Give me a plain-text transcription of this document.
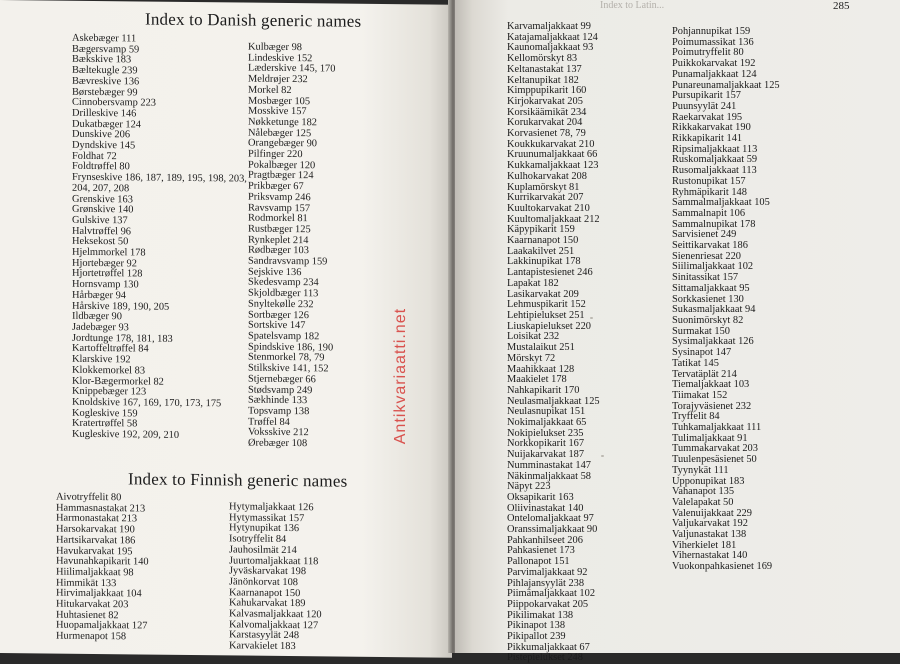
Index to Danish generic names
Askebæger 111
Bægersvamp 59
Bækskive 183
Bæltekugle 239
Bævreskive 136
Børstebæger 99
Cinnobersvamp 223
Drilleskive 146
Dukatbæger 124
Dunskive 206
Dyndskive 145
Foldhat 72
Foldtrøffel 80
Frynseskive 186, 187, 189, 195, 198, 203,
204, 207, 208
Grenskive 163
Grønskive 140
Gulskive 137
Halvtrøffel 96
Heksekost 50
Hjelmmorkel 178
Hjortebæger 92
Hjortetrøffel 128
Hornsvamp 130
Hårbæger 94
Hårskive 189, 190, 205
Ildbæger 90
Jadebæger 93
Jordtunge 178, 181, 183
Kartoffeltrøffel 84
Klarskive 192
Klokkemorkel 83
Klor-Bægermorkel 82
Knippebæger 123
Knoldskive 167, 169, 170, 173, 175
Kogleskive 159
Kratertrøffel 58
Kugleskive 192, 209, 210
Kulbæger 98
Lindeskive 152
Læderskive 145, 170
Meldrøjer 232
Morkel 82
Mosbæger 105
Mosskive 157
Nøkketunge 182
Nålebæger 125
Orangebæger 90
Pilfinger 220
Pokalbæger 120
Pragtbæger 124
Prikbæger 67
Priksvamp 246
Ravsvamp 157
Rodmorkel 81
Rustbæger 125
Rynkeplet 214
Rødbæger 103
Sandravsvamp 159
Sejskive 136
Skedesvamp 234
Skjoldbæger 113
Snyltekølle 232
Sortbæger 126
Sortskive 147
Spatelsvamp 182
Spindskive 186, 190
Stenmorkel 78, 79
Stilkskive 141, 152
Stjernebæger 66
Stødsvamp 249
Sækhinde 133
Topsvamp 138
Trøffel 84
Voksskive 212
Ørebæger 108
Index to Finnish generic names
Aivotryffelit 80
Hammasnastakat 213
Harmonastakat 213
Harsokarvakat 190
Hartsikarvakat 186
Havukarvakat 195
Havunahkapikarit 140
Hiilimaljakkaat 98
Himmikät 133
Hirvimaljakkaat 104
Hitukarvakat 203
Huhtasienet 82
Huopamaljakkaat 127
Hurmenapot 158
Hytymaljakkaat 126
Hytymassikat 157
Hytynupikat 136
Isotryffelit 84
Jauhosilmät 214
Juurtomaljakkaat 118
Jyväskarvakat 198
Jänönkorvat 108
Kaarnanapot 150
Kahukarvakat 189
Kalvasmaljakkaat 120
Kalvomaljakkaat 127
Karstasyylät 248
Karvakielet 183
Antikvariaatti.net
285
Index to Latin...
Karvamaljakkaat 99
Katajamaljakkaat 124
Kaunomaljakkaat 93
Kellomörskyt 83
Keltanastakat 137
Keltanupikat 182
Kimppupikarit 160
Kirjokarvakat 205
Korsikäämikät 234
Korukarvakat 204
Korvasienet 78, 79
Koukkukarvakat 210
Kruunumaljakkaat 66
Kukkamaljakkaat 123
Kulhokarvakat 208
Kuplamörskyt 81
Kurrikarvakat 207
Kuultokarvakat 210
Kuultomaljakkaat 212
Käpypikarit 159
Kaarnanapot 150
Laakakilvet 251
Lakkinupikat 178
Lantapistesienet 246
Lapakat 182
Lasikarvakat 209
Lehmuspikarit 152
Lehtipielukset 251
Liuskapielukset 220
Loisikat 232
Mustalaikut 251
Mörskyt 72
Maahikkaat 128
Maakielet 178
Nahkapikarit 170
Neulasmaljakkaat 125
Neulasnupikat 151
Nokimaljakkaat 65
Nokipielukset 235
Norkkopikarit 167
Nuijakarvakat 187
Numminastakat 147
Näkinmaljakkaat 58
Näpyt 223
Oksapikarit 163
Oliivinastakat 140
Ontelomaljakkaat 97
Oranssimaljakkaat 90
Pahkanhilseet 206
Pahkasienet 173
Pallonapot 151
Parvimaljakkaat 92
Pihlajansyylät 238
Piimämaljakkaat 102
Piippokarvakat 205
Pikilimakat 138
Pikinapot 138
Pikipallot 239
Pikkumaljakkaat 67
Pistepielukset 248
Pohjannupikat 159
Poimumassikat 136
Poimutryffelit 80
Puikkokarvakat 192
Punamaljakkaat 124
Punareunamaljakkaat 125
Pursupikarit 157
Puunsyylät 241
Raekarvakat 195
Rikkakarvakat 190
Rikkapikarit 141
Ripsimaljakkaat 113
Ruskomaljakkaat 59
Rusomaljakkaat 113
Rustonupikat 157
Ryhmäpikarit 148
Sammalmaljakkaat 105
Sammalnapit 106
Sammalnupikat 178
Sarvisienet 249
Seittikarvakat 186
Sienenriesat 220
Siilimaljakkaat 102
Sinitassikat 157
Sittamaljakkaat 95
Sorkkasienet 130
Sukasmaljakkaat 94
Suonimörskyt 82
Surmakat 150
Sysimaljakkaat 126
Sysinapot 147
Tatikat 145
Tervatäplät 214
Tiemaljakkaat 103
Tiimakat 152
Torajyväsienet 232
Tryffelit 84
Tuhkamaljakkaat 111
Tulimaljakkaat 91
Tummakarvakat 203
Tuulenpesäsienet 50
Tyynykät 111
Upponupikat 183
Vahanapot 135
Valelapakat 50
Valenuijakkaat 229
Valjukarvakat 192
Valjunastakat 138
Viherkielet 181
Vihernastakat 140
Vuokonpahkasienet 169
